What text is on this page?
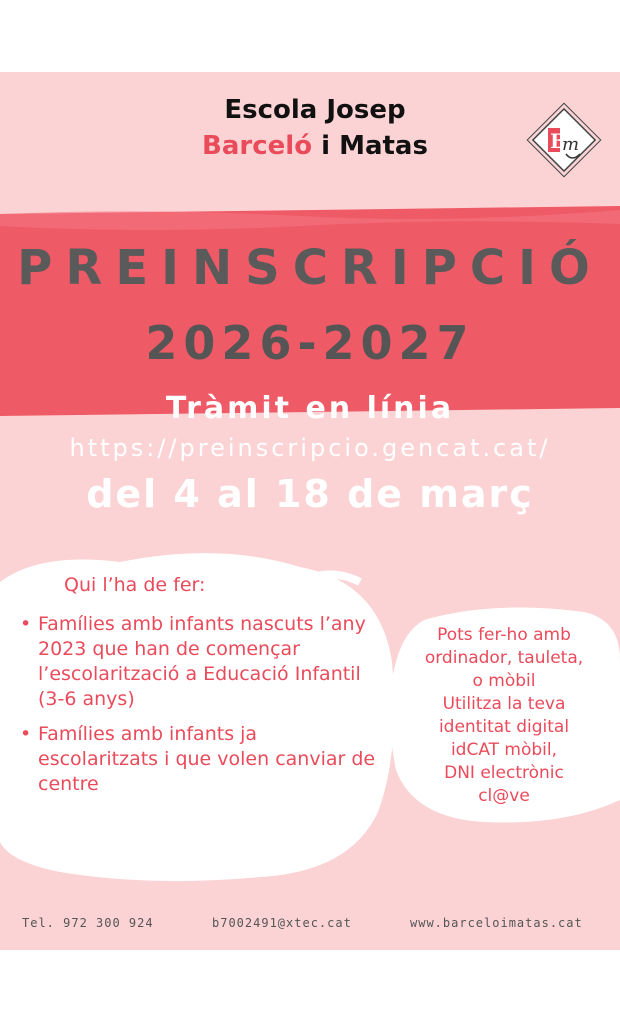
Escola Josep
Barceló i Matas	B
m
PREINSCRIPCIÓ
2026-2027
Tràmit en línia
https://preinscripcio.gencat.cat/
del 4 al 18 de març
Qui l’ha de fer:
• Famílies amb infants nascuts l’any 2023 que han de començar l’escolarització a Educació Infantil (3-6 anys)
• Famílies amb infants ja escolaritzats i que volen canviar de centre
Pots fer-ho amb
ordinador, tauleta,
o mòbil
Utilitza la teva
identitat digital
idCAT mòbil,
DNI electrònic
cl@ve
Tel. 972 300 924	b7002491@xtec.cat	www.barceloimatas.cat
